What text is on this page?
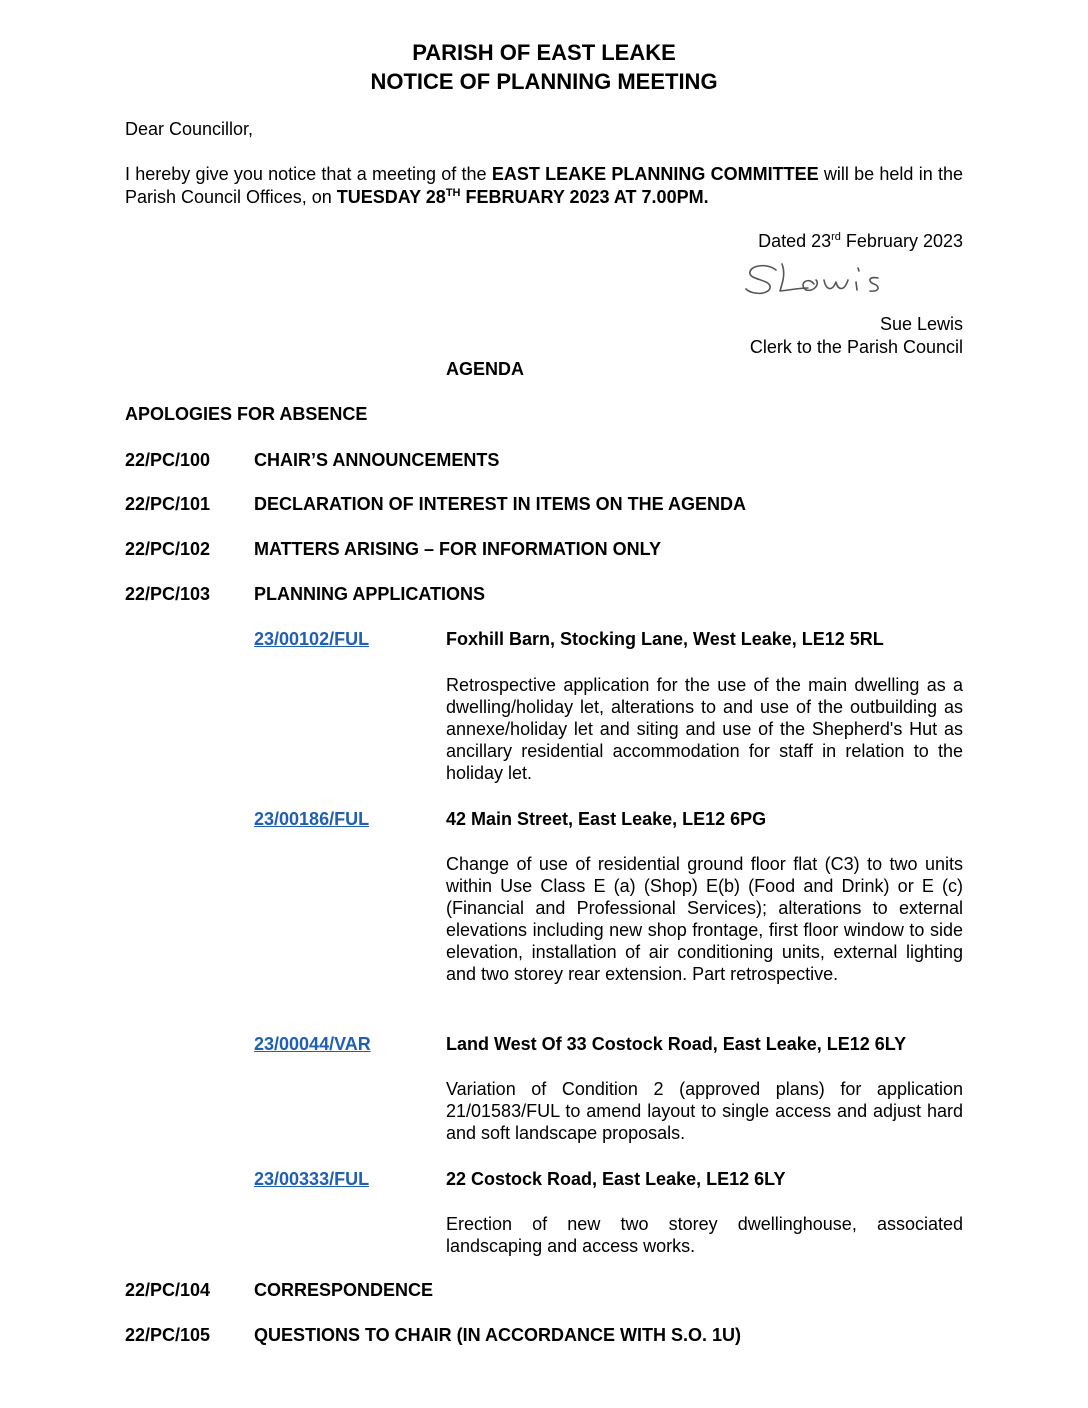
PARISH OF EAST LEAKE
NOTICE OF PLANNING MEETING
Dear Councillor,
I hereby give you notice that a meeting of the EAST LEAKE PLANNING COMMITTEE will be held in the Parish Council Offices, on TUESDAY 28TH FEBRUARY 2023 AT 7.00PM.
Dated 23rd February 2023
Sue Lewis
Clerk to the Parish Council
AGENDA
APOLOGIES FOR ABSENCE
22/PC/100 CHAIR’S ANNOUNCEMENTS
22/PC/101 DECLARATION OF INTEREST IN ITEMS ON THE AGENDA
22/PC/102 MATTERS ARISING – FOR INFORMATION ONLY
22/PC/103 PLANNING APPLICATIONS
23/00102/FUL	Foxhill Barn, Stocking Lane, West Leake, LE12 5RL
Retrospective application for the use of the main dwelling as a dwelling/holiday let, alterations to and use of the outbuilding as annexe/holiday let and siting and use of the Shepherd's Hut as ancillary residential accommodation for staff in relation to the holiday let.
23/00186/FUL	42 Main Street, East Leake, LE12 6PG
Change of use of residential ground floor flat (C3) to two units within Use Class E (a) (Shop) E(b) (Food and Drink) or E (c) (Financial and Professional Services); alterations to external elevations including new shop frontage, first floor window to side elevation, installation of air conditioning units, external lighting and two storey rear extension. Part retrospective.
23/00044/VAR	Land West Of 33 Costock Road, East Leake, LE12 6LY
Variation of Condition 2 (approved plans) for application 21/01583/FUL to amend layout to single access and adjust hard and soft landscape proposals.
23/00333/FUL	22 Costock Road, East Leake, LE12 6LY
Erection of new two storey dwellinghouse, associated landscaping and access works.
22/PC/104 CORRESPONDENCE
22/PC/105 QUESTIONS TO CHAIR (IN ACCORDANCE WITH S.O. 1U)
